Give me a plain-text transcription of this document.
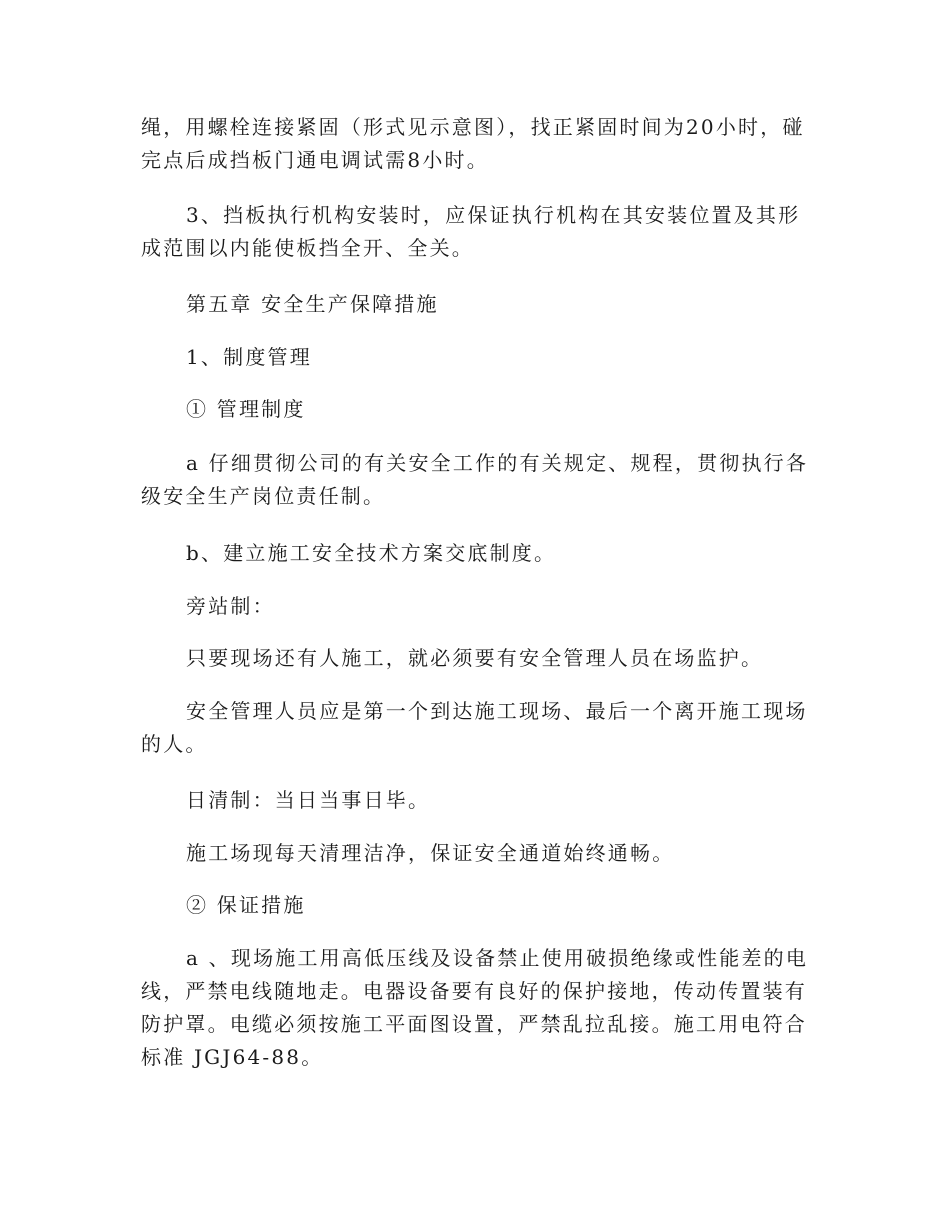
绳，用螺栓连接紧固（形式见示意图），找正紧固时间为20小时，碰完点后成挡板门通电调试需8小时。

3、挡板执行机构安装时，应保证执行机构在其安装位置及其形成范围以内能使板挡全开、全关。

第五章 安全生产保障措施

1、制度管理

① 管理制度

a 仔细贯彻公司的有关安全工作的有关规定、规程，贯彻执行各级安全生产岗位责任制。

b、建立施工安全技术方案交底制度。

旁站制：

只要现场还有人施工，就必须要有安全管理人员在场监护。

安全管理人员应是第一个到达施工现场、最后一个离开施工现场的人。

日清制：当日当事日毕。

施工场现每天清理洁净，保证安全通道始终通畅。

② 保证措施

a 、现场施工用高低压线及设备禁止使用破损绝缘或性能差的电线，严禁电线随地走。电器设备要有良好的保护接地，传动传置装有防护罩。电缆必须按施工平面图设置，严禁乱拉乱接。施工用电符合标准 JGJ64-88。
